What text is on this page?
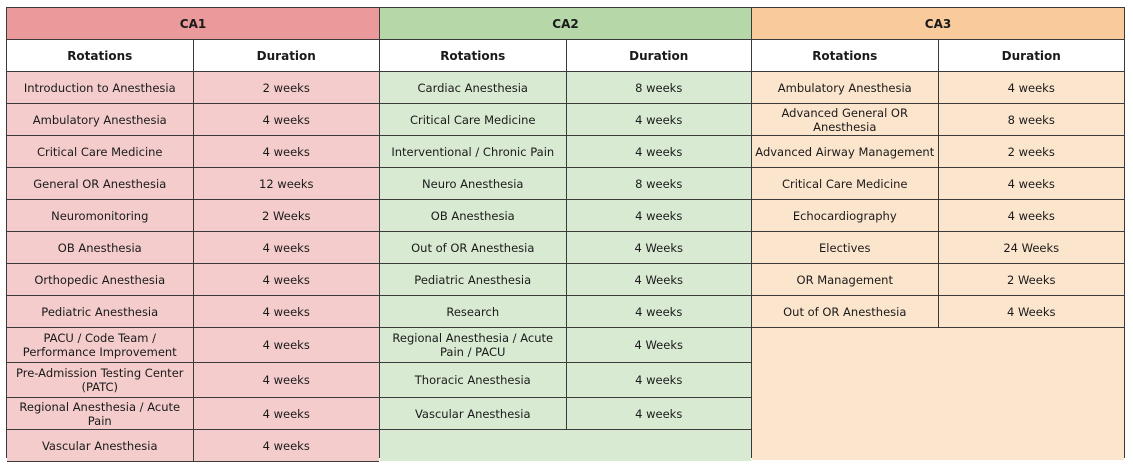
CA1	
Rotations	Duration
Introduction to Anesthesia	2 weeks
Ambulatory Anesthesia	4 weeks
Critical Care Medicine	4 weeks
General OR Anesthesia	12 weeks
Neuromonitoring	2 Weeks
OB Anesthesia	4 weeks
Orthopedic Anesthesia	4 weeks
Pediatric Anesthesia	4 weeks
PACU / Code Team / Performance Improvement	4 weeks
Pre-Admission Testing Center (PATC)	4 weeks
Regional Anesthesia / Acute Pain	4 weeks
Vascular Anesthesia	4 weeks
CA2	
Rotations	Duration
Cardiac Anesthesia	8 weeks
Critical Care Medicine	4 weeks
Interventional / Chronic Pain	4 weeks
Neuro Anesthesia	8 weeks
OB Anesthesia	4 weeks
Out of OR Anesthesia	4 Weeks
Pediatric Anesthesia	4 Weeks
Research	4 weeks
Regional Anesthesia / Acute Pain / PACU	4 Weeks
Thoracic Anesthesia	4 weeks
Vascular Anesthesia	4 weeks

CA3	
Rotations	Duration
Ambulatory Anesthesia	4 weeks
Advanced General OR Anesthesia	8 weeks
Advanced Airway Management	2 weeks
Critical Care Medicine	4 weeks
Echocardiography	4 weeks
Electives	24 Weeks
OR Management	2 Weeks
Out of OR Anesthesia	4 Weeks
